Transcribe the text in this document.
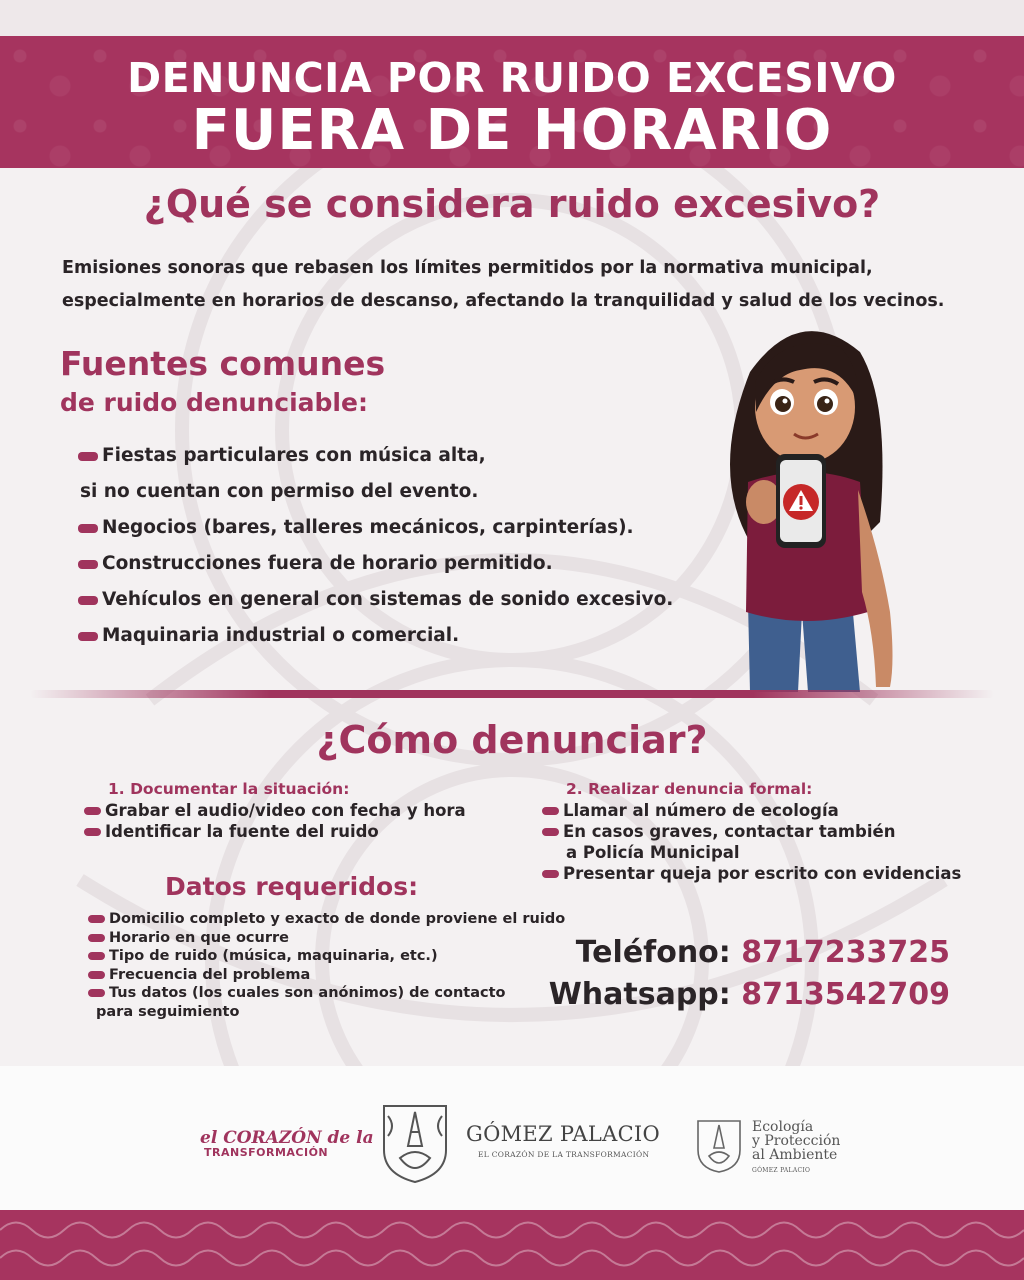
DENUNCIA POR RUIDO EXCESIVO
FUERA DE HORARIO
¿Qué se considera ruido excesivo?
Emisiones sonoras que rebasen los límites permitidos por la normativa municipal,
especialmente en horarios de descanso, afectando la tranquilidad y salud de los vecinos.
Fuentes comunes
de ruido denunciable:
Fiestas particulares con música alta,
si no cuentan con permiso del evento.
Negocios (bares, talleres mecánicos, carpinterías).
Construcciones fuera de horario permitido.
Vehículos en general con sistemas de sonido excesivo.
Maquinaria industrial o comercial.
¿Cómo denunciar?
1. Documentar la situación:
Grabar el audio/video con fecha y hora
Identificar la fuente del ruido
2. Realizar denuncia formal:
Llamar al número de ecología
En casos graves, contactar también
a Policía Municipal
Presentar queja por escrito con evidencias
Datos requeridos:
Domicilio completo y exacto de donde proviene el ruido
Horario en que ocurre
Tipo de ruido (música, maquinaria, etc.)
Frecuencia del problema
Tus datos (los cuales son anónimos) de contacto
para seguimiento
Teléfono: 8717233725
Whatsapp: 8713542709
el CORAZÓN de la
TRANSFORMACIÓN
GÓMEZ PALACIO
EL CORAZÓN DE LA TRANSFORMACIÓN
Ecología
y Protección
al Ambiente
GÓMEZ PALACIO
